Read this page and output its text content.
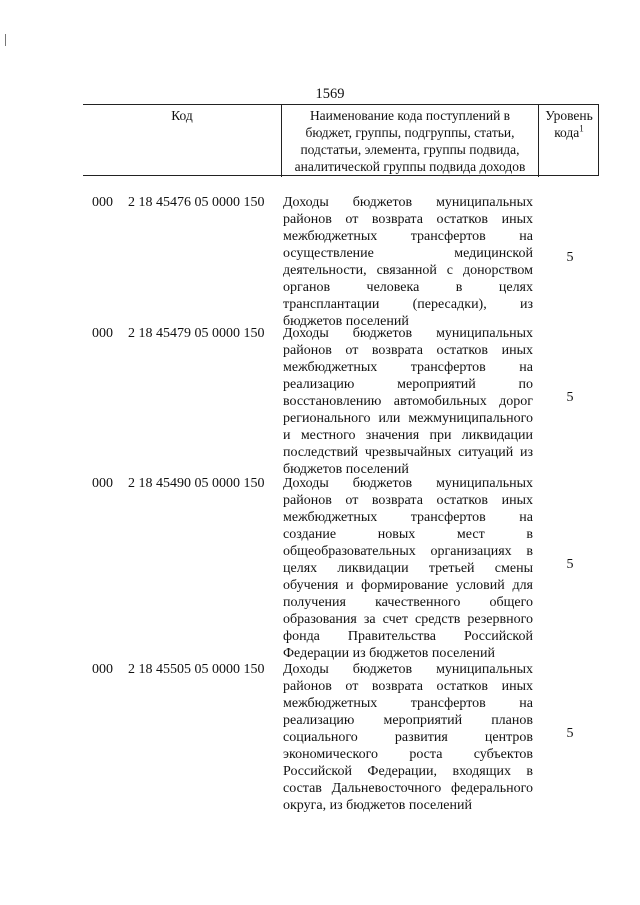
1569
Код	Наименование кода поступлений в
бюджет, группы, подгруппы, статьи,
подстатьи, элемента, группы подвида,
аналитической группы подвида доходов
Уровень
кода$^1$
000 2 18 45476 05 0000 150 Доходы бюджетов муниципальных
районов от возврата остатков иных
межбюджетных трансфертов на
осуществление медицинской
деятельности, связанной с донорством
органов человека в целях
трансплантации (пересадки), из
бюджетов поселений
5
000 2 18 45479 05 0000 150 Доходы бюджетов муниципальных
районов от возврата остатков иных
межбюджетных трансфертов на
реализацию мероприятий по
восстановлению автомобильных дорог
регионального или межмуниципального
и местного значения при ликвидации
последствий чрезвычайных ситуаций из
бюджетов поселений
5
000 2 18 45490 05 0000 150 Доходы бюджетов муниципальных
районов от возврата остатков иных
межбюджетных трансфертов на
создание новых мест в
общеобразовательных организациях в
целях ликвидации третьей смены
обучения и формирование условий для
получения качественного общего
образования за счет средств резервного
фонда Правительства Российской
Федерации из бюджетов поселений
5
000 2 18 45505 05 0000 150 Доходы бюджетов муниципальных
районов от возврата остатков иных
межбюджетных трансфертов на
реализацию мероприятий планов
социального развития центров
экономического роста субъектов
Российской Федерации, входящих в
состав Дальневосточного федерального
округа, из бюджетов поселений
5
